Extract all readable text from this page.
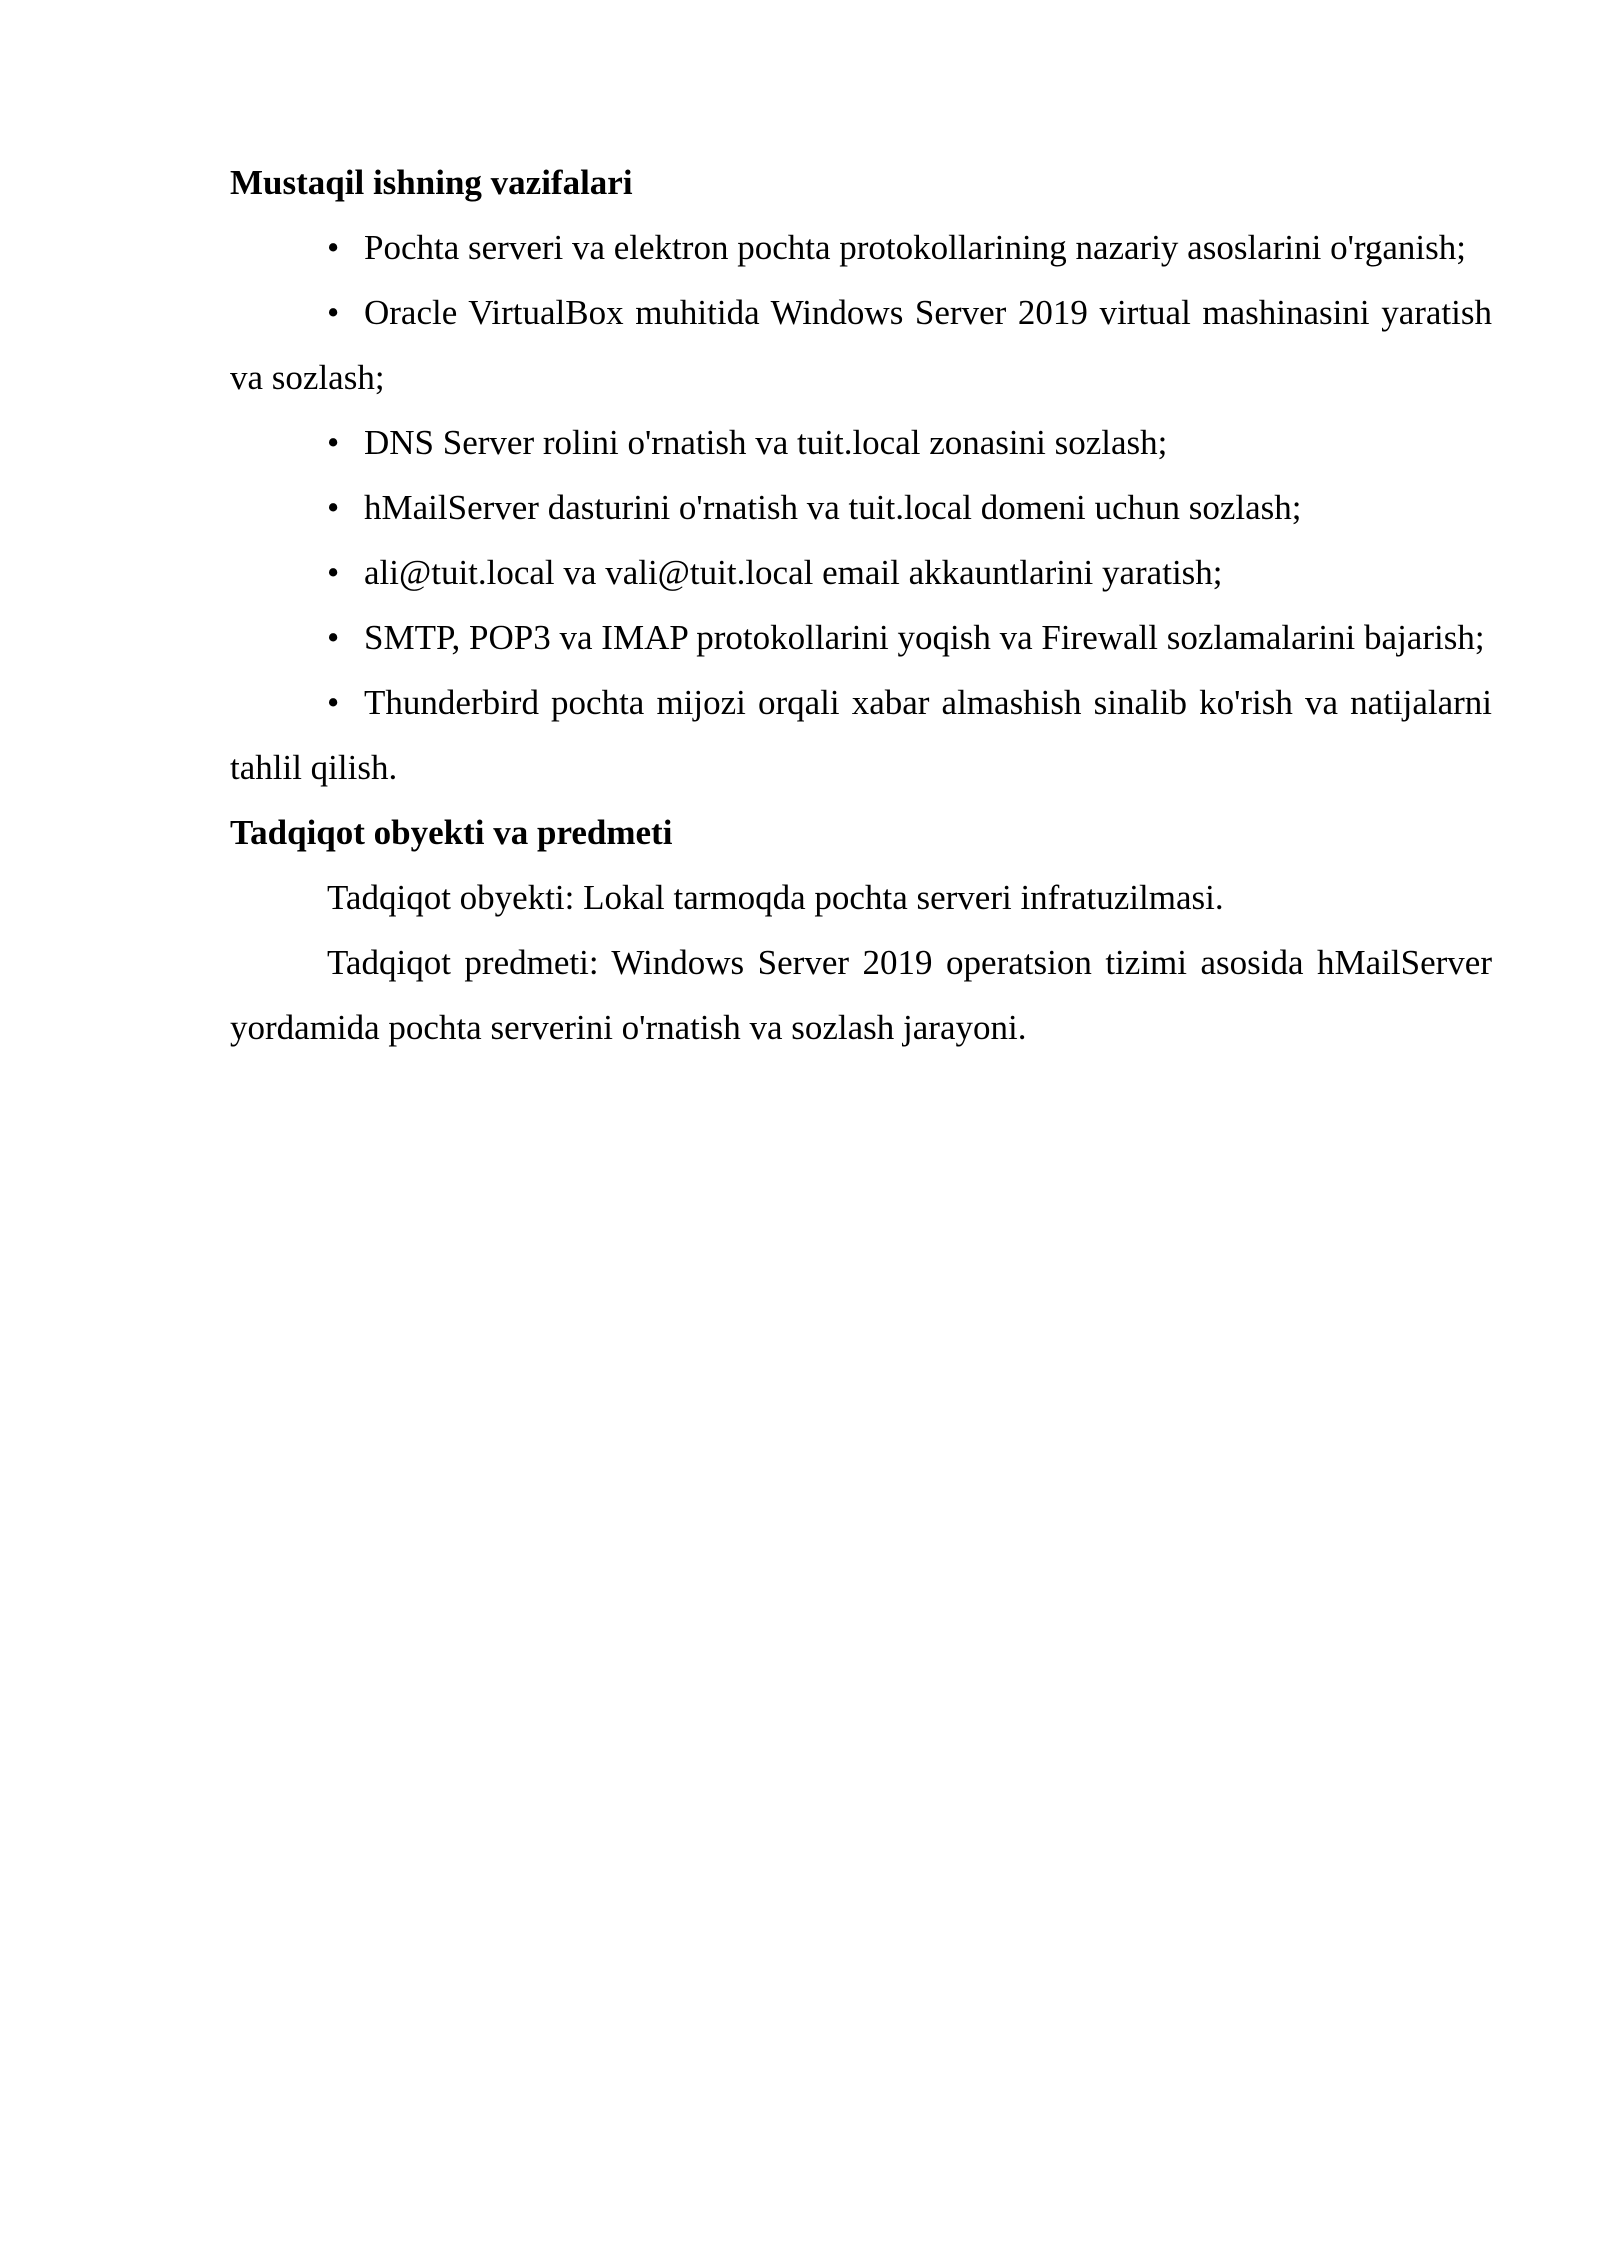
Mustaqil ishning vazifalari

• Pochta serveri va elektron pochta protokollarining nazariy asoslarini o'rganish;

• Oracle VirtualBox muhitida Windows Server 2019 virtual mashinasini yaratish va sozlash;

• DNS Server rolini o'rnatish va tuit.local zonasini sozlash;

• hMailServer dasturini o'rnatish va tuit.local domeni uchun sozlash;

• ali@tuit.local va vali@tuit.local email akkauntlarini yaratish;

• SMTP, POP3 va IMAP protokollarini yoqish va Firewall sozlamalarini bajarish;

• Thunderbird pochta mijozi orqali xabar almashish sinalib ko'rish va natijalarni tahlil qilish.

Tadqiqot obyekti va predmeti

Tadqiqot obyekti: Lokal tarmoqda pochta serveri infratuzilmasi.

Tadqiqot predmeti: Windows Server 2019 operatsion tizimi asosida hMailServer yordamida pochta serverini o'rnatish va sozlash jarayoni.
